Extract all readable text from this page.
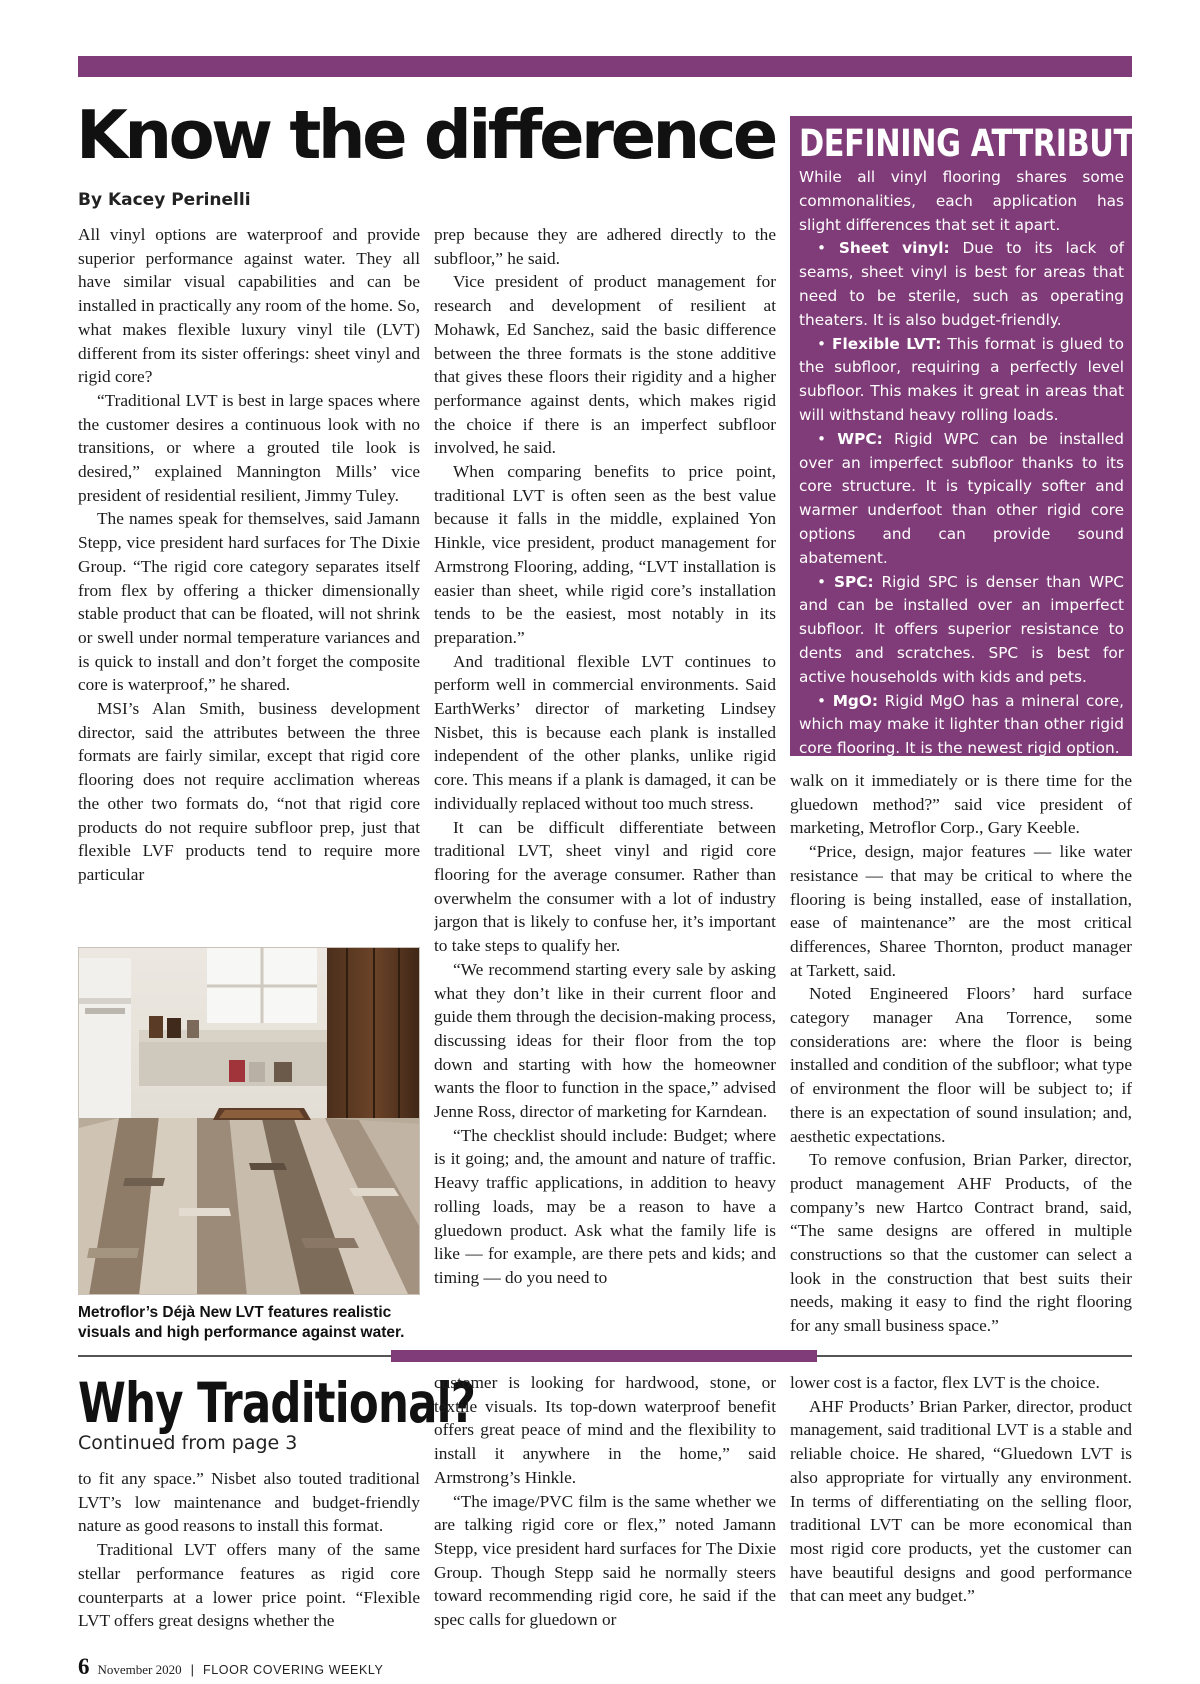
Know the difference

By Kacey Perinelli

All vinyl options are waterproof and provide superior performance against water. They all have similar visual capabilities and can be installed in practically any room of the home. So, what makes flexible luxury vinyl tile (LVT) different from its sister offerings: sheet vinyl and rigid core?

“Traditional LVT is best in large spaces where the customer desires a continuous look with no transitions, or where a grouted tile look is desired,” explained Mannington Mills’ vice president of residential resilient, Jimmy Tuley.

The names speak for themselves, said Jamann Stepp, vice president hard surfaces for The Dixie Group. “The rigid core category separates itself from flex by offering a thicker dimensionally stable product that can be floated, will not shrink or swell under normal temperature variances and is quick to install and don’t forget the composite core is waterproof,” he shared.

MSI’s Alan Smith, business development director, said the attributes between the three formats are fairly similar, except that rigid core flooring does not require acclimation whereas the other two formats do, “not that rigid core products do not require subfloor prep, just that flexible LVF products tend to require more particular

prep because they are adhered directly to the subfloor,” he said.

Vice president of product management for research and development of resilient at Mohawk, Ed Sanchez, said the basic difference between the three formats is the stone additive that gives these floors their rigidity and a higher performance against dents, which makes rigid the choice if there is an imperfect subfloor involved, he said.

When comparing benefits to price point, traditional LVT is often seen as the best value because it falls in the middle, explained Yon Hinkle, vice president, product management for Armstrong Flooring, adding, “LVT installation is easier than sheet, while rigid core’s installation tends to be the easiest, most notably in its preparation.”

And traditional flexible LVT continues to perform well in commercial environments. Said EarthWerks’ director of marketing Lindsey Nisbet, this is because each plank is installed independent of the other planks, unlike rigid core. This means if a plank is damaged, it can be individually replaced without too much stress.

It can be difficult differentiate between traditional LVT, sheet vinyl and rigid core flooring for the average consumer. Rather than overwhelm the consumer with a lot of industry jargon that is likely to confuse her, it’s important to take steps to qualify her.

“We recommend starting every sale by asking what they don’t like in their current floor and guide them through the decision-making process, discussing ideas for their floor from the top down and starting with how the homeowner wants the floor to function in the space,” advised Jenne Ross, director of marketing for Karndean.

“The checklist should include: Budget; where is it going; and, the amount and nature of traffic. Heavy traffic applications, in addition to heavy rolling loads, may be a reason to have a gluedown product. Ask what the family life is like — for example, are there pets and kids; and timing — do you need to

DEFINING ATTRIBUTES

While all vinyl flooring shares some commonalities, each application has slight differences that set it apart.

• Sheet vinyl: Due to its lack of seams, sheet vinyl is best for areas that need to be sterile, such as operating theaters. It is also budget-friendly.

• Flexible LVT: This format is glued to the subfloor, requiring a perfectly level subfloor. This makes it great in areas that will withstand heavy rolling loads.

• WPC: Rigid WPC can be installed over an imperfect subfloor thanks to its core structure. It is typically softer and warmer underfoot than other rigid core options and can provide sound abatement.

• SPC: Rigid SPC is denser than WPC and can be installed over an imperfect subfloor. It offers superior resistance to dents and scratches. SPC is best for active households with kids and pets.

• MgO: Rigid MgO has a mineral core, which may make it lighter than other rigid core flooring. It is the newest rigid option.

walk on it immediately or is there time for the gluedown method?” said vice president of marketing, Metroflor Corp., Gary Keeble.

“Price, design, major features — like water resistance — that may be critical to where the flooring is being installed, ease of installation, ease of maintenance” are the most critical differences, Sharee Thornton, product manager at Tarkett, said.

Noted Engineered Floors’ hard surface category manager Ana Torrence, some considerations are: where the floor is being installed and condition of the subfloor; what type of environment the floor will be subject to; if there is an expectation of sound insulation; and, aesthetic expectations.

To remove confusion, Brian Parker, director, product management AHF Products, of the company’s new Hartco Contract brand, said, “The same designs are offered in multiple constructions so that the customer can select a look in the construction that best suits their needs, making it easy to find the right flooring for any small business space.”

Metroflor’s Déjà New LVT features realistic visuals and high performance against water.

Why Traditional?

Continued from page 3

to fit any space.” Nisbet also touted traditional LVT’s low maintenance and budget-friendly nature as good reasons to install this format.

Traditional LVT offers many of the same stellar performance features as rigid core counterparts at a lower price point. “Flexible LVT offers great designs whether the

customer is looking for hardwood, stone, or textile visuals. Its top-down waterproof benefit offers great peace of mind and the flexibility to install it anywhere in the home,” said Armstrong’s Hinkle.

“The image/PVC film is the same whether we are talking rigid core or flex,” noted Jamann Stepp, vice president hard surfaces for The Dixie Group. Though Stepp said he normally steers toward recommending rigid core, he said if the spec calls for gluedown or

lower cost is a factor, flex LVT is the choice.

AHF Products’ Brian Parker, director, product management, said traditional LVT is a stable and reliable choice. He shared, “Gluedown LVT is also appropriate for virtually any environment. In terms of differentiating on the selling floor, traditional LVT can be more economical than most rigid core products, yet the customer can have beautiful designs and good performance that can meet any budget.”

6 November 2020 | FLOOR COVERING WEEKLY
